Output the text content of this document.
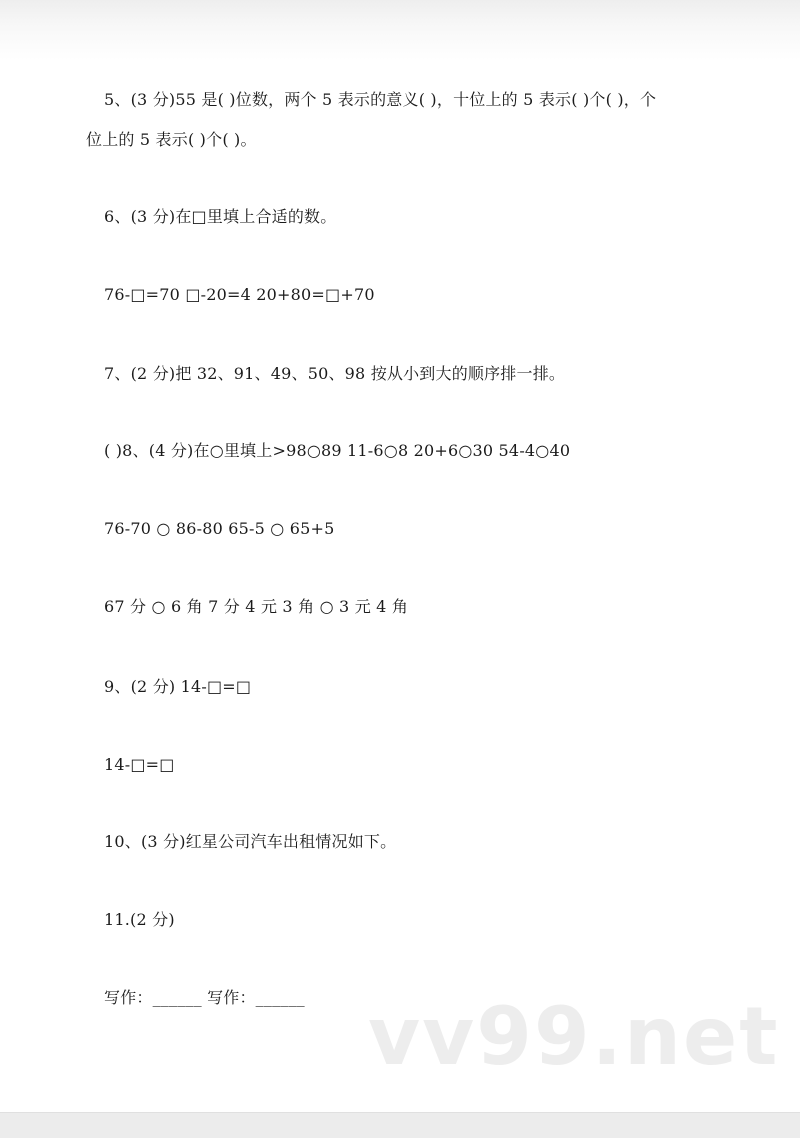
5、(3 分)55 是( )位数，两个 5 表示的意义( )，十位上的 5 表示( )个( )，个
位上的 5 表示( )个( )。
6、(3 分)在□里填上合适的数。
76-□=70 □-20=4 20+80=□+70
7、(2 分)把 32、91、49、50、98 按从小到大的顺序排一排。
( )8、(4 分)在○里填上>98○89 11-6○8 20+6○30 54-4○40
76-70 ○ 86-80 65-5 ○ 65+5
67 分 ○ 6 角 7 分 4 元 3 角 ○ 3 元 4 角
9、(2 分) 14-□=□
14-□=□
10、(3 分)红星公司汽车出租情况如下。
11.(2 分)
写作：______ 写作：______ vv99.net
